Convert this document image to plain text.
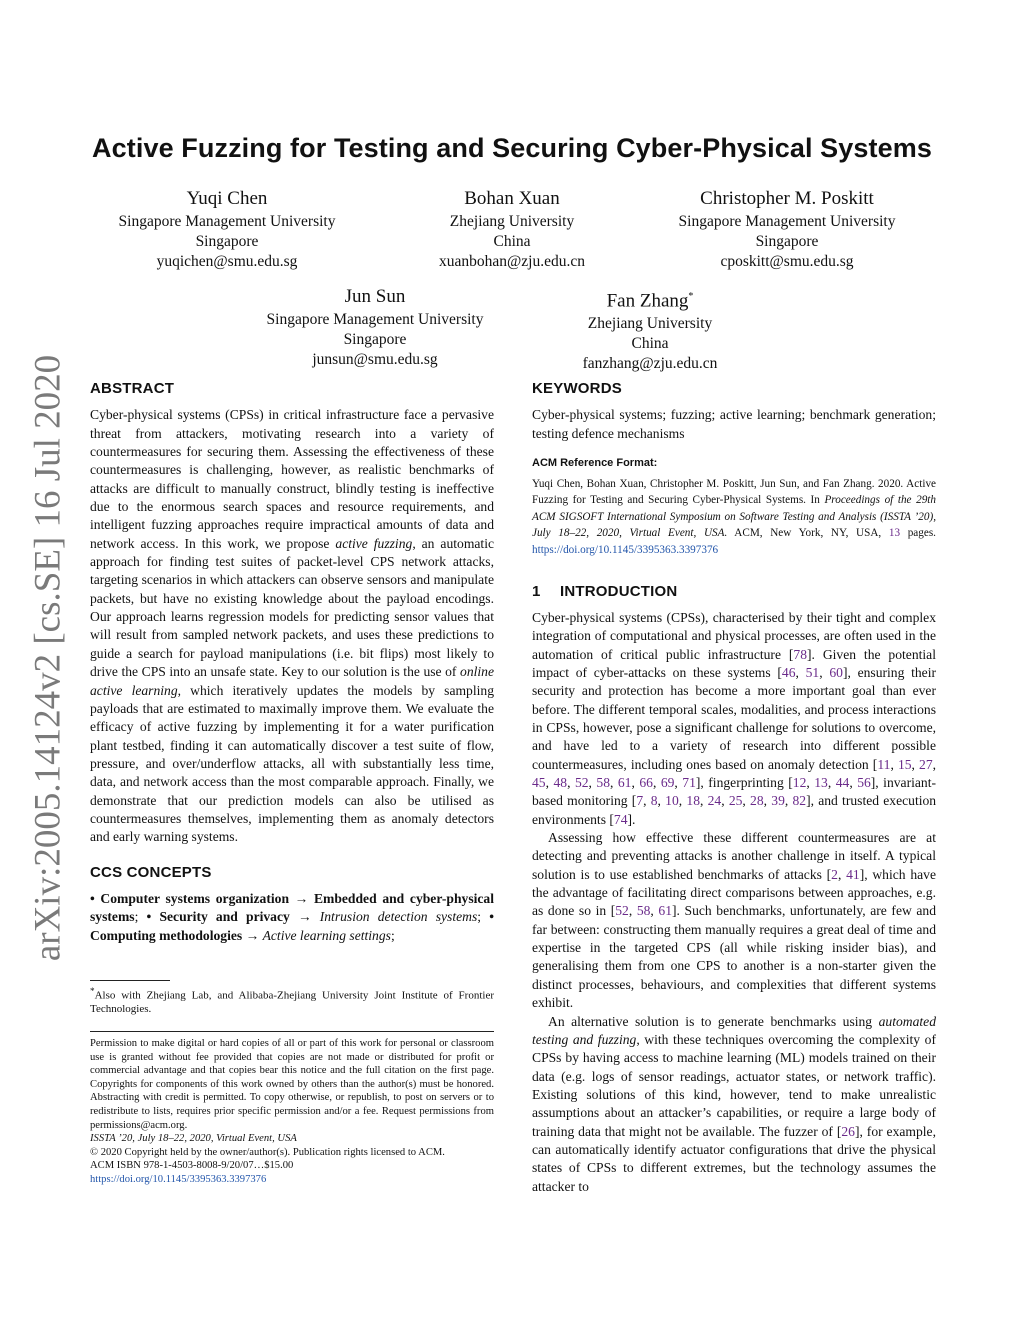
arXiv:2005.14124v2 [cs.SE] 16 Jul 2020
Active Fuzzing for Testing and Securing Cyber-Physical Systems
Yuqi Chen
Singapore Management University
Singapore
yuqichen@smu.edu.sg
Bohan Xuan
Zhejiang University
China
xuanbohan@zju.edu.cn
Christopher M. Poskitt
Singapore Management University
Singapore
cposkitt@smu.edu.sg
Jun Sun
Singapore Management University
Singapore
junsun@smu.edu.sg
Fan Zhang*
Zhejiang University
China
fanzhang@zju.edu.cn
ABSTRACT

Cyber-physical systems (CPSs) in critical infrastructure face a pervasive threat from attackers, motivating research into a variety of countermeasures for securing them. Assessing the effectiveness of these countermeasures is challenging, however, as realistic benchmarks of attacks are difficult to manually construct, blindly testing is ineffective due to the enormous search spaces and resource requirements, and intelligent fuzzing approaches require impractical amounts of data and network access. In this work, we propose active fuzzing, an automatic approach for finding test suites of packet-level CPS network attacks, targeting scenarios in which attackers can observe sensors and manipulate packets, but have no existing knowledge about the payload encodings. Our approach learns regression models for predicting sensor values that will result from sampled network packets, and uses these predictions to guide a search for payload manipulations (i.e. bit flips) most likely to drive the CPS into an unsafe state. Key to our solution is the use of online active learning, which iteratively updates the models by sampling payloads that are estimated to maximally improve them. We evaluate the efficacy of active fuzzing by implementing it for a water purification plant testbed, finding it can automatically discover a test suite of flow, pressure, and over/underflow attacks, all with substantially less time, data, and network access than the most comparable approach. Finally, we demonstrate that our prediction models can also be utilised as countermeasures themselves, implementing them as anomaly detectors and early warning systems.

CCS CONCEPTS

• Computer systems organization → Embedded and cyber-physical systems; • Security and privacy → Intrusion detection systems; • Computing methodologies → Active learning settings;

*Also with Zhejiang Lab, and Alibaba-Zhejiang University Joint Institute of Frontier Technologies.

Permission to make digital or hard copies of all or part of this work for personal or classroom use is granted without fee provided that copies are not made or distributed for profit or commercial advantage and that copies bear this notice and the full citation on the first page. Copyrights for components of this work owned by others than the author(s) must be honored. Abstracting with credit is permitted. To copy otherwise, or republish, to post on servers or to redistribute to lists, requires prior specific permission and/or a fee. Request permissions from permissions@acm.org.

ISSTA ’20, July 18–22, 2020, Virtual Event, USA

© 2020 Copyright held by the owner/author(s). Publication rights licensed to ACM.

ACM ISBN 978-1-4503-8008-9/20/07…$15.00

https://doi.org/10.1145/3395363.3397376

KEYWORDS

Cyber-physical systems; fuzzing; active learning; benchmark generation; testing defence mechanisms

ACM Reference Format:

Yuqi Chen, Bohan Xuan, Christopher M. Poskitt, Jun Sun, and Fan Zhang. 2020. Active Fuzzing for Testing and Securing Cyber-Physical Systems. In Proceedings of the 29th ACM SIGSOFT International Symposium on Software Testing and Analysis (ISSTA ’20), July 18–22, 2020, Virtual Event, USA. ACM, New York, NY, USA, 13 pages. https://doi.org/10.1145/3395363.3397376

1 INTRODUCTION

Cyber-physical systems (CPSs), characterised by their tight and complex integration of computational and physical processes, are often used in the automation of critical public infrastructure [78]. Given the potential impact of cyber-attacks on these systems [46, 51, 60], ensuring their security and protection has become a more important goal than ever before. The different temporal scales, modalities, and process interactions in CPSs, however, pose a significant challenge for solutions to overcome, and have led to a variety of research into different possible countermeasures, including ones based on anomaly detection [11, 15, 27, 45, 48, 52, 58, 61, 66, 69, 71], fingerprinting [12, 13, 44, 56], invariant-based monitoring [7, 8, 10, 18, 24, 25, 28, 39, 82], and trusted execution environments [74].

Assessing how effective these different countermeasures are at detecting and preventing attacks is another challenge in itself. A typical solution is to use established benchmarks of attacks [2, 41], which have the advantage of facilitating direct comparisons between approaches, e.g. as done so in [52, 58, 61]. Such benchmarks, unfortunately, are few and far between: constructing them manually requires a great deal of time and expertise in the targeted CPS (all while risking insider bias), and generalising them from one CPS to another is a non-starter given the distinct processes, behaviours, and complexities that different systems exhibit.

An alternative solution is to generate benchmarks using automated testing and fuzzing, with these techniques overcoming the complexity of CPSs by having access to machine learning (ML) models trained on their data (e.g. logs of sensor readings, actuator states, or network traffic). Existing solutions of this kind, however, tend to make unrealistic assumptions about an attacker’s capabilities, or require a large body of training data that might not be available. The fuzzer of [26], for example, can automatically identify actuator configurations that drive the physical states of CPSs to different extremes, but the technology assumes the attacker to
